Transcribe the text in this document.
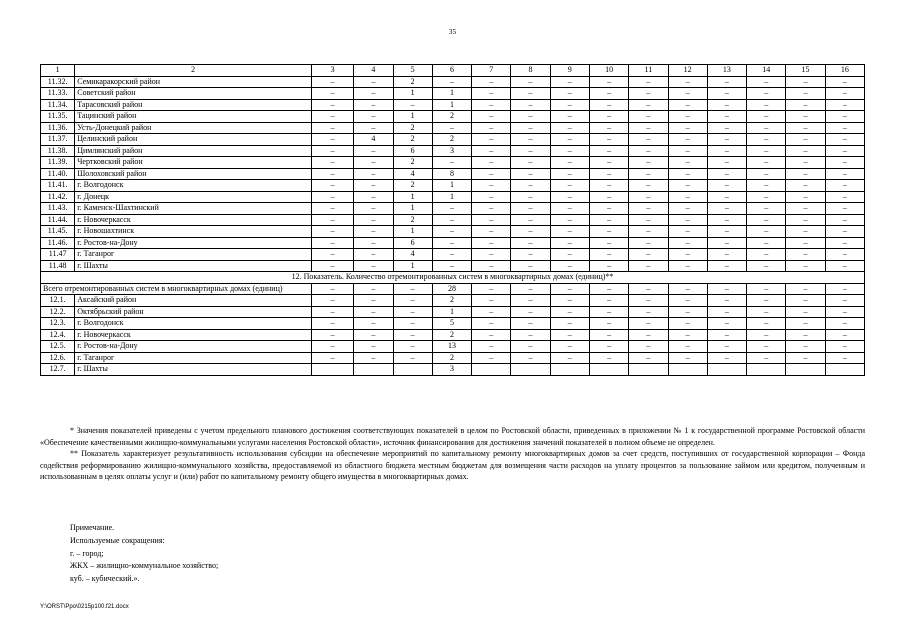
35
1	2	3	4	5	6	7	8	9	10	11	12	13	14	15	16
11.32.	Семикаракорский район	–	–	2	–	–	–	–	–	–	–	–	–	–	–
11.33.	Советский район	–	–	1	1	–	–	–	–	–	–	–	–	–	–
11.34.	Тарасовский район	–	–	–	1	–	–	–	–	–	–	–	–	–	–
11.35.	Тацинский район	–	–	1	2	–	–	–	–	–	–	–	–	–	–
11.36.	Усть-Донецкий район	–	–	2	–	–	–	–	–	–	–	–	–	–	–
11.37.	Целинский район	–	4	2	2	–	–	–	–	–	–	–	–	–	–
11.38.	Цимлянский район	–	–	6	3	–	–	–	–	–	–	–	–	–	–
11.39.	Чертковский район	–	–	2	–	–	–	–	–	–	–	–	–	–	–
11.40.	Шолоховский район	–	–	4	8	–	–	–	–	–	–	–	–	–	–
11.41.	г. Волгодонск	–	–	2	1	–	–	–	–	–	–	–	–	–	–
11.42.	г. Донецк	–	–	1	1	–	–	–	–	–	–	–	–	–	–
11.43.	г. Каменск-Шахтинский	–	–	1	–	–	–	–	–	–	–	–	–	–	–
11.44.	г. Новочеркасск	–	–	2	–	–	–	–	–	–	–	–	–	–	–
11.45.	г. Новошахтинск	–	–	1	–	–	–	–	–	–	–	–	–	–	–
11.46.	г. Ростов-на-Дону	–	–	6	–	–	–	–	–	–	–	–	–	–	–
11.47	г. Таганрог	–	–	4	–	–	–	–	–	–	–	–	–	–	–
11.48	г. Шахты	–	–	1	–	–	–	–	–	–	–	–	–	–	–
12. Показатель. Количество отремонтированных систем в многоквартирных домах (единиц)**															
Всего отремонтированных систем в многоквартирных домах (единиц)		–	–	–	28	–	–	–	–	–	–	–	–	–	–
12.1.	Аксайский район	–	–	–	2	–	–	–	–	–	–	–	–	–	–
12.2.	Октябрьский район	–	–	–	1	–	–	–	–	–	–	–	–	–	–
12.3.	г. Волгодонск	–	–	–	5	–	–	–	–	–	–	–	–	–	–
12.4.	г. Новочеркасск	–	–	–	2	–	–	–	–	–	–	–	–	–	–
12.5.	г. Ростов-на-Дону	–	–	–	13	–	–	–	–	–	–	–	–	–	–
12.6.	г. Таганрог	–	–	–	2	–	–	–	–	–	–	–	–	–	–
12.7.	г. Шахты				3										

* Значения показателей приведены с учетом предельного планового достижения соответствующих показателей в целом по Ростовской области, приведенных в приложении № 1 к государственной программе Ростовской области «Обеспечение качественными жилищно-коммунальными услугами населения Ростовской области», источник финансирования для достижения значений показателей в полном объеме не определен.

** Показатель характеризует результативность использования субсидии на обеспечение мероприятий по капитальному ремонту многоквартирных домов за счет средств, поступивших от государственной корпорации – Фонда содействия реформированию жилищно-коммунального хозяйства, предоставляемой из областного бюджета местным бюджетам для возмещения части расходов на уплату процентов за пользование займом или кредитом, полученным и использованным в целях оплаты услуг и (или) работ по капитальному ремонту общего имущества в многоквартирных домах.

Примечание.
Используемые сокращения:
г. – город;
ЖКХ – жилищно-коммунальное хозяйство;
куб. – кубический.».
Y:\ORST\Ppo\0215p100.f21.docx
